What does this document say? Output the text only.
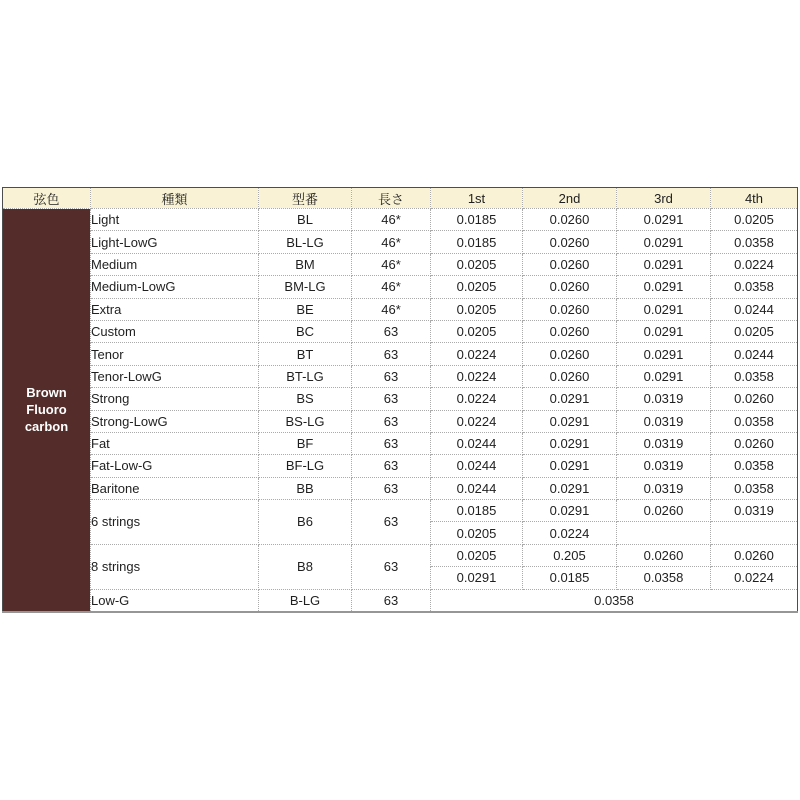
弦色	種類	型番	長さ	1st	2nd	3rd	4th

Brown
Fluoro
carbon	Light	BL	46*	0.0185	0.0260	0.0291	0.0205
	Light-LowG	BL-LG	46*	0.0185	0.0260	0.0291	0.0358
	Medium	BM	46*	0.0205	0.0260	0.0291	0.0224
	Medium-LowG	BM-LG	46*	0.0205	0.0260	0.0291	0.0358
	Extra	BE	46*	0.0205	0.0260	0.0291	0.0244
	Custom	BC	63	0.0205	0.0260	0.0291	0.0205
	Tenor	BT	63	0.0224	0.0260	0.0291	0.0244
	Tenor-LowG	BT-LG	63	0.0224	0.0260	0.0291	0.0358
	Strong	BS	63	0.0224	0.0291	0.0319	0.0260
	Strong-LowG	BS-LG	63	0.0224	0.0291	0.0319	0.0358
	Fat	BF	63	0.0244	0.0291	0.0319	0.0260
	Fat-Low-G	BF-LG	63	0.0244	0.0291	0.0319	0.0358
	Baritone	BB	63	0.0244	0.0291	0.0319	0.0358
	6 strings	B6	63	0.0185	0.0291	0.0260	0.0319
				0.0205	0.0224		
	8 strings	B8	63	0.0205	0.205	0.0260	0.0260
				0.0291	0.0185	0.0358	0.0224
	Low-G	B-LG	63	0.0358			
